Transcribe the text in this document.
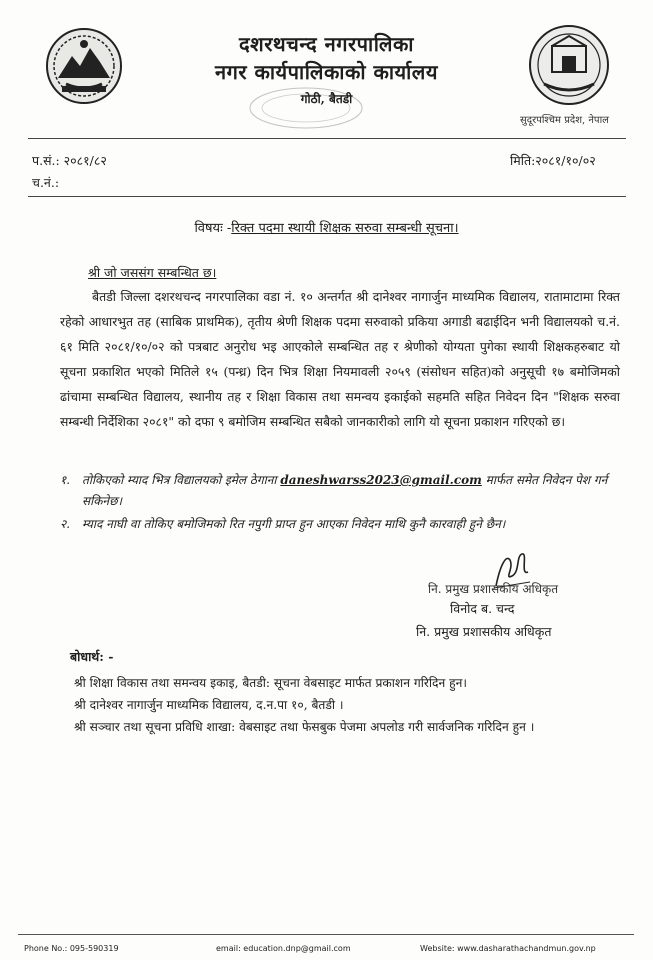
दशरथचन्द नगरपालिका
नगर कार्यपालिकाको कार्यालय
गोठी, बैतडी
सुदूरपश्चिम प्रदेश, नेपाल
प.सं.: २०८१/८२
च.नं.:
मिति:२०८१/१०/०२
विषयः -रिक्त पदमा स्थायी शिक्षक सरुवा सम्बन्धी सूचना।
श्री जो जससंग सम्बन्धित छ।
बैतडी जिल्ला दशरथचन्द नगरपालिका वडा नं. १० अन्तर्गत श्री दानेश्वर नागार्जुन माध्यमिक विद्यालय, रातामाटामा रिक्त रहेको आधारभुत तह (साबिक प्राथमिक), तृतीय श्रेणी शिक्षक पदमा सरुवाको प्रकिया अगाडी बढाईदिन भनी विद्यालयको च.नं. ६१ मिति २०८१/१०/०२ को पत्रबाट अनुरोध भइ आएकोले सम्बन्धित तह र श्रेणीको योग्यता पुगेका स्थायी शिक्षकहरुबाट यो सूचना प्रकाशित भएको मितिले १५ (पन्ध्र) दिन भित्र शिक्षा नियमावली २०५९ (संसोधन सहित)को अनुसूची १७ बमोजिमको ढांचामा सम्बन्धित विद्यालय, स्थानीय तह र शिक्षा विकास तथा समन्वय इकाईको सहमति सहित निवेदन दिन "शिक्षक सरुवा सम्बन्धी निर्देशिका २०८१" को दफा ९ बमोजिम सम्बन्धित सबैको जानकारीको लागि यो सूचना प्रकाशन गरिएको छ।
१. तोकिएको म्याद भित्र विद्यालयको इमेल ठेगाना daneshwarss2023@gmail.com मार्फत समेत निवेदन पेश गर्न सकिनेछ।
२. म्याद नाघी वा तोकिए बमोजिमको रित नपुगी प्राप्त हुन आएका निवेदन माथि कुनै कारवाही हुने छैन।
नि. प्रमुख प्रशासकीय अधिकृत
विनोद ब. चन्द
नि. प्रमुख प्रशासकीय अधिकृत
बोधार्थ: -
श्री शिक्षा विकास तथा समन्वय इकाइ, बैतडी: सूचना वेबसाइट मार्फत प्रकाशन गरिदिन हुन।
श्री दानेश्वर नागार्जुन माध्यमिक विद्यालय, द.न.पा १०, बैतडी ।
श्री सञ्चार तथा सूचना प्रविधि शाखा: वेबसाइट तथा फेसबुक पेजमा अपलोड गरी सार्वजनिक गरिदिन हुन ।
Phone No.: 095-590319	email: education.dnp@gmail.com	Website: www.dasharathachandmun.gov.np
